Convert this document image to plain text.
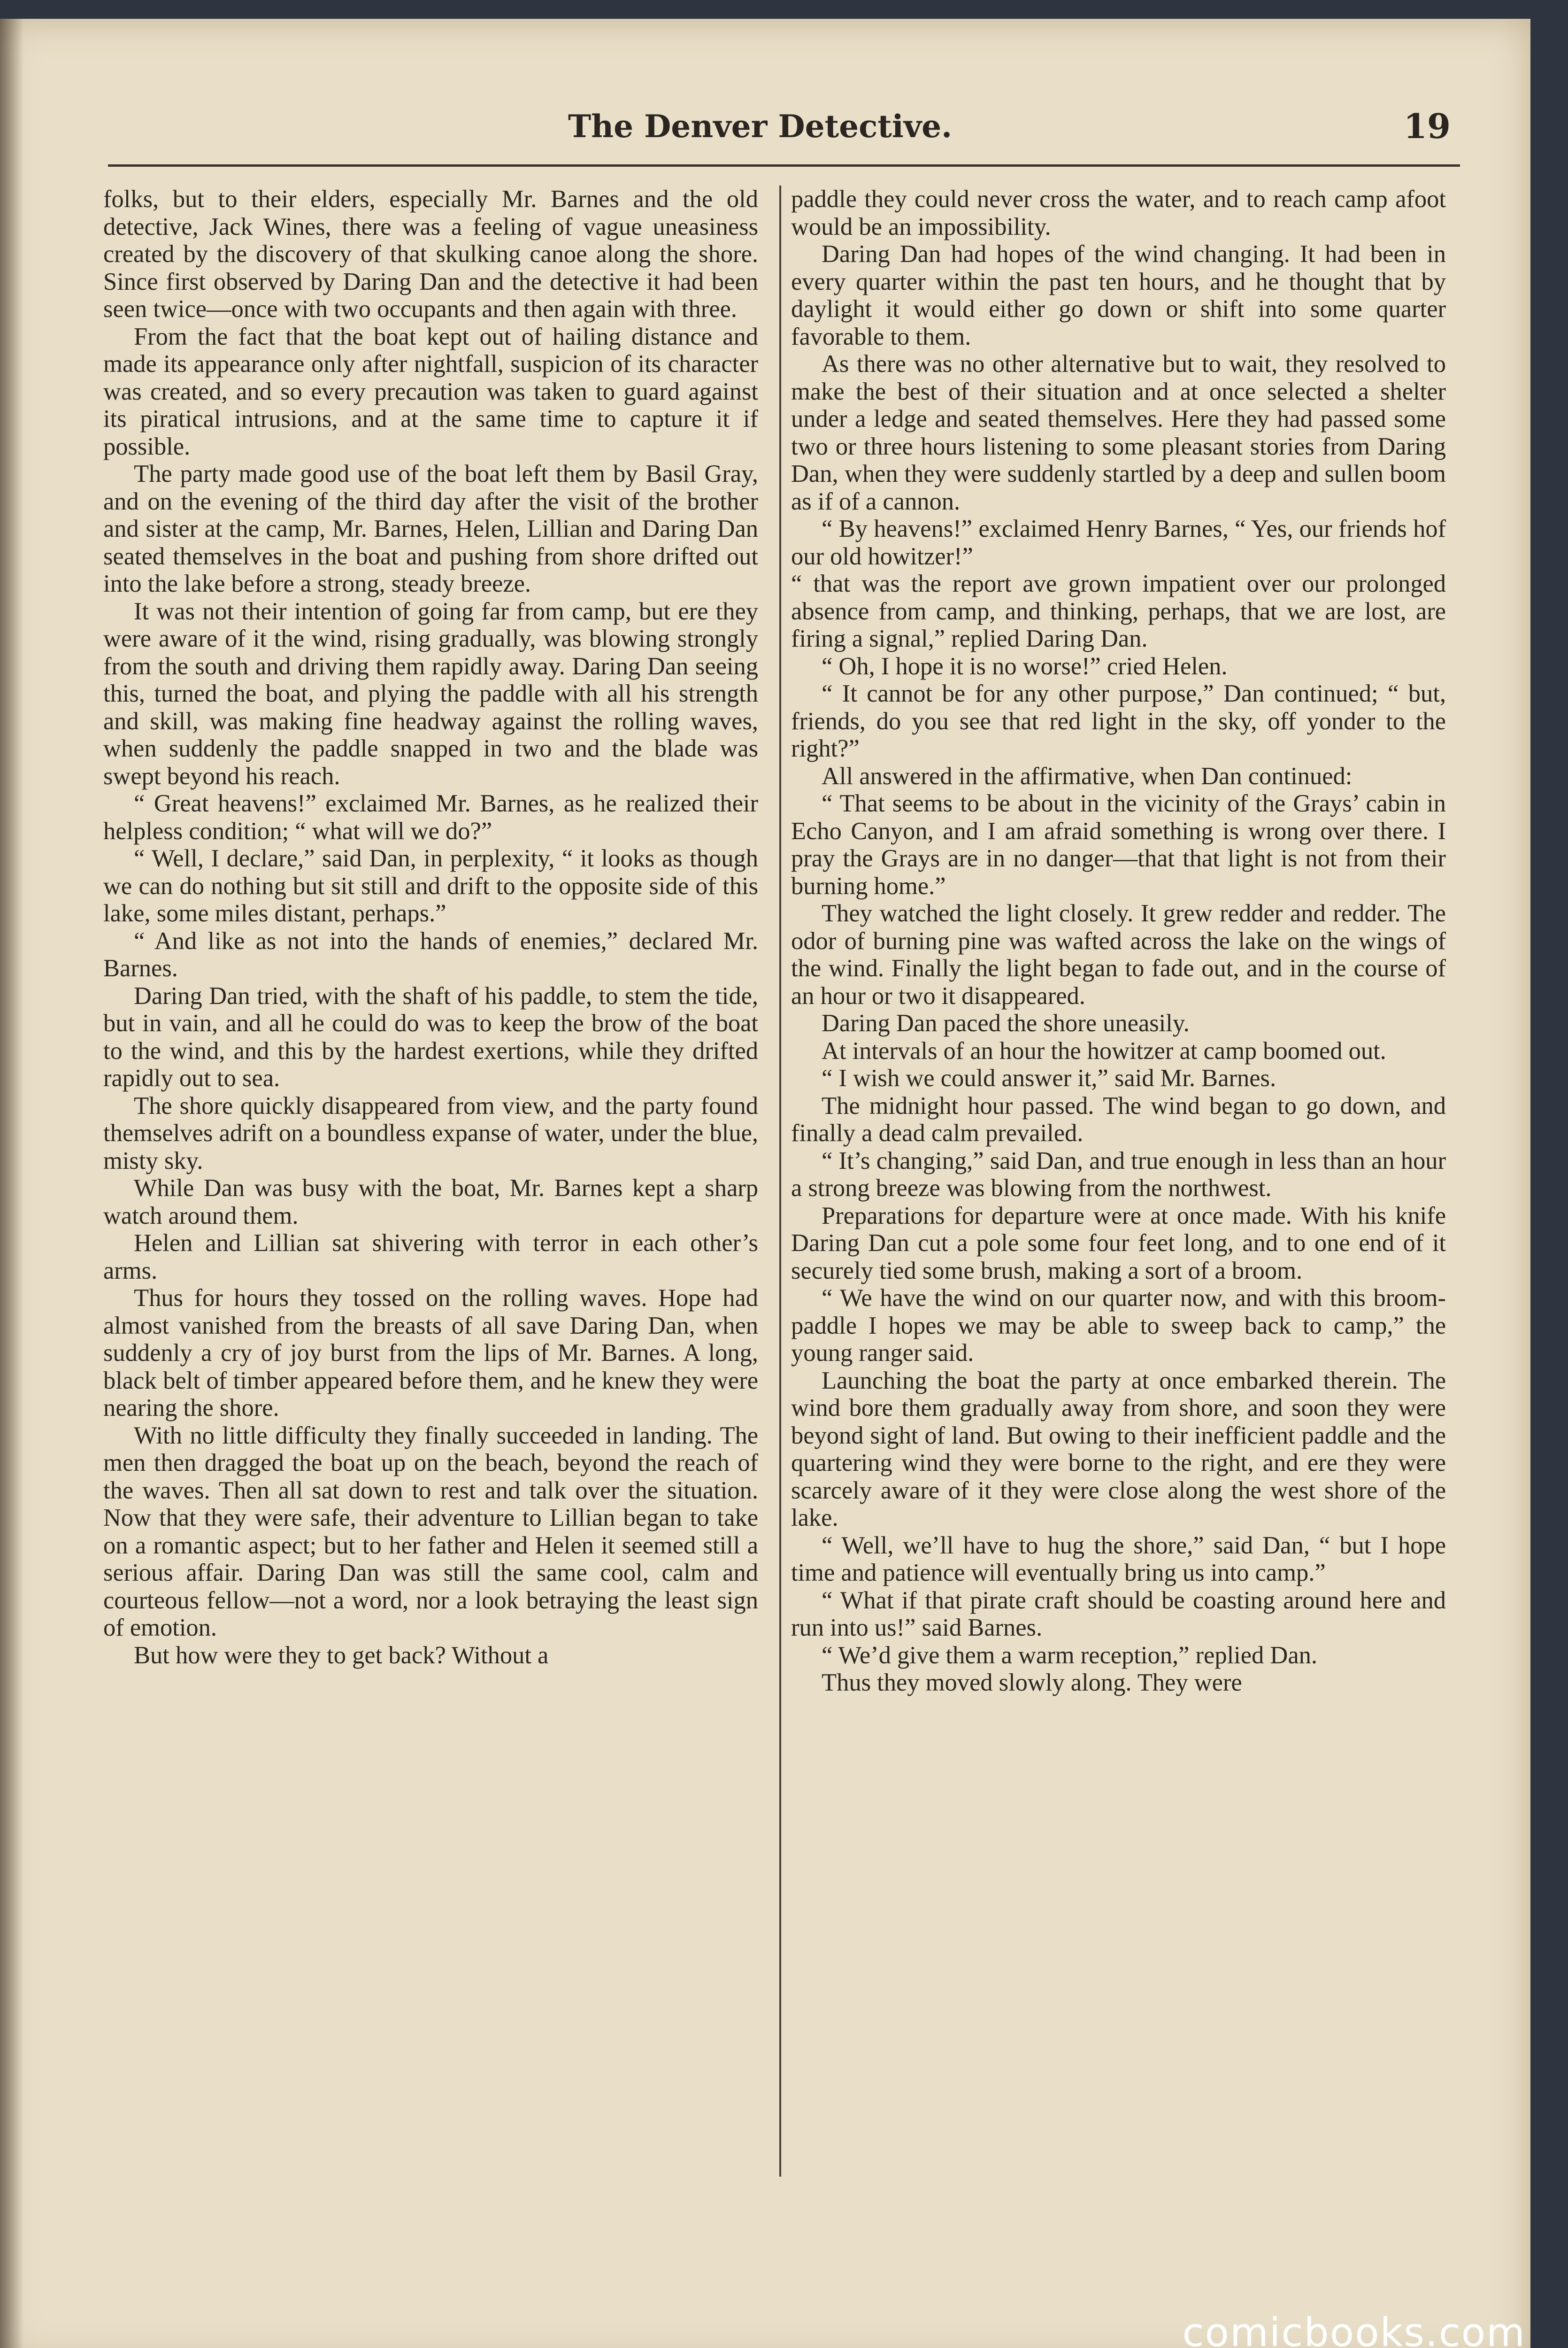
The Denver Detective.	19

folks, but to their elders, especially Mr. Barnes and the old detective, Jack Wines, there was a feeling of vague uneasiness created by the discovery of that skulking canoe along the shore. Since first observed by Daring Dan and the detective it had been seen twice—once with two occupants and then again with three.

From the fact that the boat kept out of hailing distance and made its appearance only after nightfall, suspicion of its character was created, and so every precaution was taken to guard against its piratical intrusions, and at the same time to capture it if possible.

The party made good use of the boat left them by Basil Gray, and on the evening of the third day after the visit of the brother and sister at the camp, Mr. Barnes, Helen, Lillian and Daring Dan seated themselves in the boat and pushing from shore drifted out into the lake before a strong, steady breeze.

It was not their intention of going far from camp, but ere they were aware of it the wind, rising gradually, was blowing strongly from the south and driving them rapidly away. Daring Dan seeing this, turned the boat, and plying the paddle with all his strength and skill, was making fine headway against the rolling waves, when suddenly the paddle snapped in two and the blade was swept beyond his reach.

“ Great heavens!” exclaimed Mr. Barnes, as he realized their helpless condition; “ what will we do?”

“ Well, I declare,” said Dan, in perplexity, “ it looks as though we can do nothing but sit still and drift to the opposite side of this lake, some miles distant, perhaps.”

“ And like as not into the hands of enemies,” declared Mr. Barnes.

Daring Dan tried, with the shaft of his paddle, to stem the tide, but in vain, and all he could do was to keep the brow of the boat to the wind, and this by the hardest exertions, while they drifted rapidly out to sea.

The shore quickly disappeared from view, and the party found themselves adrift on a boundless expanse of water, under the blue, misty sky.

While Dan was busy with the boat, Mr. Barnes kept a sharp watch around them.

Helen and Lillian sat shivering with terror in each other’s arms.

Thus for hours they tossed on the rolling waves. Hope had almost vanished from the breasts of all save Daring Dan, when suddenly a cry of joy burst from the lips of Mr. Barnes. A long, black belt of timber appeared before them, and he knew they were nearing the shore.

With no little difficulty they finally succeeded in landing. The men then dragged the boat up on the beach, beyond the reach of the waves. Then all sat down to rest and talk over the situation. Now that they were safe, their adventure to Lillian began to take on a romantic aspect; but to her father and Helen it seemed still a serious affair. Daring Dan was still the same cool, calm and courteous fellow—not a word, nor a look betraying the least sign of emotion.

But how were they to get back? Without a

paddle they could never cross the water, and to reach camp afoot would be an impossibility.

Daring Dan had hopes of the wind changing. It had been in every quarter within the past ten hours, and he thought that by daylight it would either go down or shift into some quarter favorable to them.

As there was no other alternative but to wait, they resolved to make the best of their situation and at once selected a shelter under a ledge and seated themselves. Here they had passed some two or three hours listening to some pleasant stories from Daring Dan, when they were suddenly startled by a deep and sullen boom as if of a cannon.

“ By heavens!” exclaimed Henry Barnes, “ Yes, our friends hof our old howitzer!”

“ that was the report ave grown impatient over our prolonged absence from camp, and thinking, perhaps, that we are lost, are firing a signal,” replied Daring Dan.

“ Oh, I hope it is no worse!” cried Helen.

“ It cannot be for any other purpose,” Dan continued; “ but, friends, do you see that red light in the sky, off yonder to the right?”

All answered in the affirmative, when Dan continued:

“ That seems to be about in the vicinity of the Grays’ cabin in Echo Canyon, and I am afraid something is wrong over there. I pray the Grays are in no danger—that that light is not from their burning home.”

They watched the light closely. It grew redder and redder. The odor of burning pine was wafted across the lake on the wings of the wind. Finally the light began to fade out, and in the course of an hour or two it disappeared.

Daring Dan paced the shore uneasily.

At intervals of an hour the howitzer at camp boomed out.

“ I wish we could answer it,” said Mr. Barnes.

The midnight hour passed. The wind began to go down, and finally a dead calm prevailed.

“ It’s changing,” said Dan, and true enough in less than an hour a strong breeze was blowing from the northwest.

Preparations for departure were at once made. With his knife Daring Dan cut a pole some four feet long, and to one end of it securely tied some brush, making a sort of a broom.

“ We have the wind on our quarter now, and with this broom-paddle I hopes we may be able to sweep back to camp,” the young ranger said.

Launching the boat the party at once embarked therein. The wind bore them gradually away from shore, and soon they were beyond sight of land. But owing to their inefficient paddle and the quartering wind they were borne to the right, and ere they were scarcely aware of it they were close along the west shore of the lake.

“ Well, we’ll have to hug the shore,” said Dan, “ but I hope time and patience will eventually bring us into camp.”

“ What if that pirate craft should be coasting around here and run into us!” said Barnes.

“ We’d give them a warm reception,” replied Dan.

Thus they moved slowly along. They were

comicbooks.com
